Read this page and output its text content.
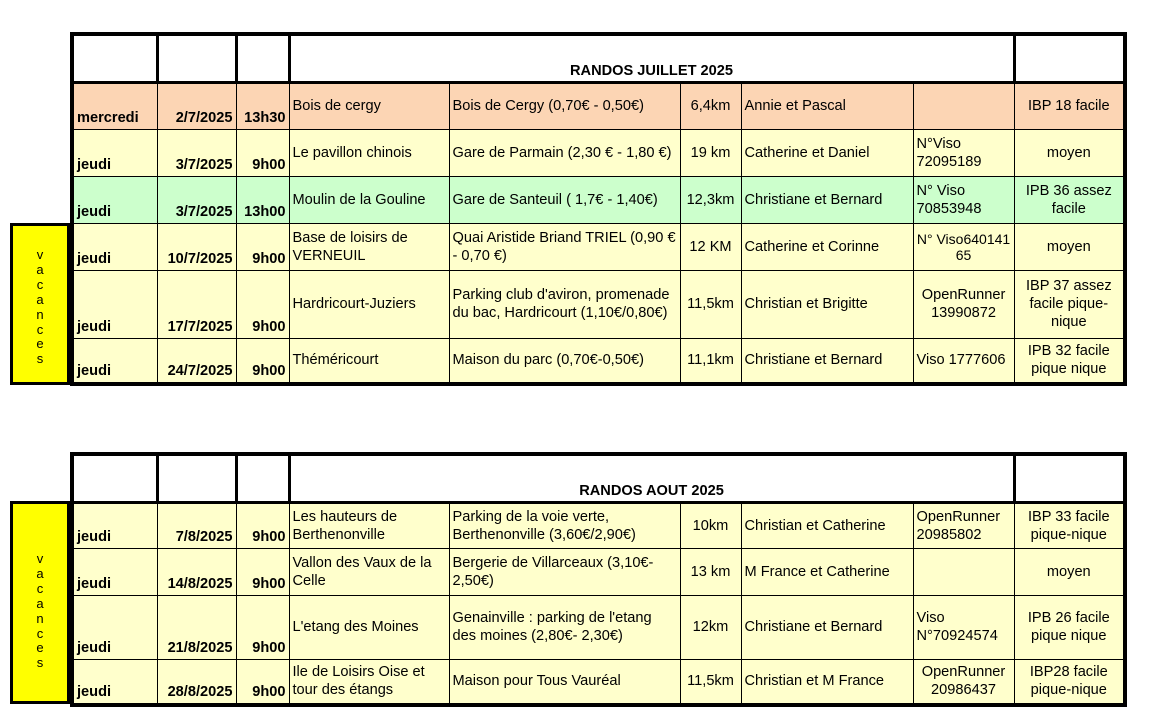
v
a
c
a
n
c
e
s
			RANDOS JUILLET 2025					
mercredi	2/7/2025	13h30	Bois de cergy	Bois de Cergy (0,70€ - 0,50€)	6,4km	Annie et Pascal		IBP 18 facile
jeudi	3/7/2025	9h00	Le pavillon chinois	Gare de Parmain (2,30 € - 1,80 €)	19 km	Catherine et Daniel	N°Viso 72095189	moyen
jeudi	3/7/2025	13h00	Moulin de la Gouline	Gare de Santeuil ( 1,7€ - 1,40€)	12,3km	Christiane et Bernard	N° Viso 70853948	IPB 36 assez facile
jeudi	10/7/2025	9h00	Base de loisirs de VERNEUIL	Quai Aristide Briand TRIEL (0,90 € - 0,70 €)	12 KM	Catherine et Corinne	N° Viso64014165	moyen
jeudi	17/7/2025	9h00	Hardricourt-Juziers	Parking club d'aviron, promenade du bac, Hardricourt (1,10€/0,80€)	11,5km	Christian et Brigitte	OpenRunner 13990872	IBP 37 assez facile pique-nique
jeudi	24/7/2025	9h00	Théméricourt	Maison du parc (0,70€-0,50€)	11,1km	Christiane et Bernard	Viso 1777606	IPB 32 facile pique nique
v
a
c
a
n
c
e
s
			RANDOS AOUT 2025					
jeudi	7/8/2025	9h00	Les hauteurs de Berthenonville	Parking de la voie verte, Berthenonville (3,60€/2,90€)	10km	Christian et Catherine	OpenRunner 20985802	IBP 33 facile pique-nique
jeudi	14/8/2025	9h00	Vallon des Vaux de la Celle	Bergerie de Villarceaux (3,10€- 2,50€)	13 km	M France et Catherine		moyen
jeudi	21/8/2025	9h00	L'etang des Moines	Genainville : parking de l'etang des moines (2,80€- 2,30€)	12km	Christiane et Bernard	Viso N°70924574	IPB 26 facile pique nique
jeudi	28/8/2025	9h00	Ile de Loisirs Oise et tour des étangs	Maison pour Tous Vauréal	11,5km	Christian et M France	OpenRunner 20986437	IBP28 facile pique-nique
